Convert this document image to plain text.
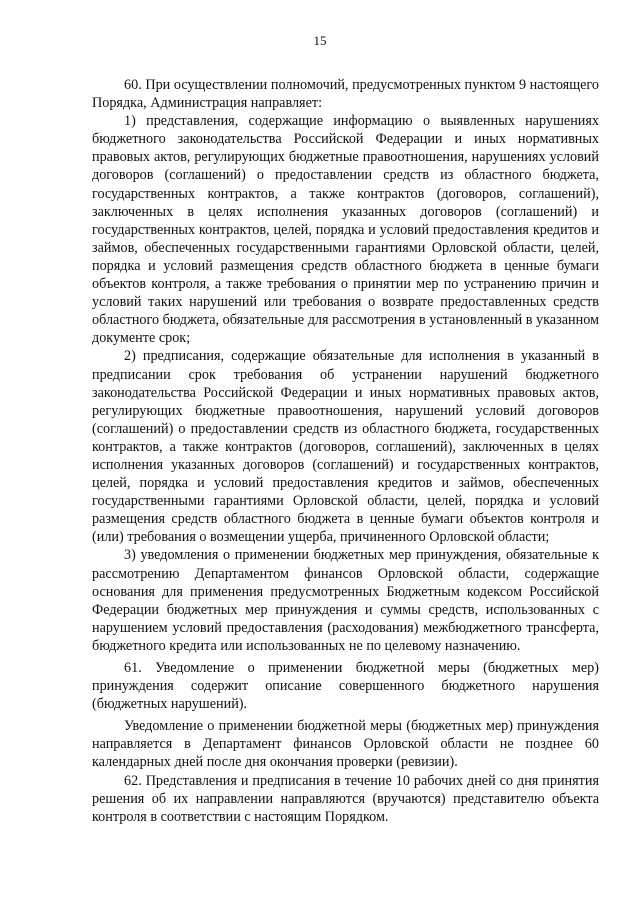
15

60. При осуществлении полномочий, предусмотренных пунктом 9 настоящего Порядка, Администрация направляет:

1) представления, содержащие информацию о выявленных нарушениях бюджетного законодательства Российской Федерации и иных нормативных правовых актов, регулирующих бюджетные правоотношения, нарушениях условий договоров (соглашений) о предоставлении средств из областного бюджета, государственных контрактов, а также контрактов (договоров, соглашений), заключенных в целях исполнения указанных договоров (соглашений) и государственных контрактов, целей, порядка и условий предоставления кредитов и займов, обеспеченных государственными гарантиями Орловской области, целей, порядка и условий размещения средств областного бюджета в ценные бумаги объектов контроля, а также требования о принятии мер по устранению причин и условий таких нарушений или требования о возврате предоставленных средств областного бюджета, обязательные для рассмотрения в установленный в указанном документе срок;

2) предписания, содержащие обязательные для исполнения в указанный в предписании срок требования об устранении нарушений бюджетного законодательства Российской Федерации и иных нормативных правовых актов, регулирующих бюджетные правоотношения, нарушений условий договоров (соглашений) о предоставлении средств из областного бюджета, государственных контрактов, а также контрактов (договоров, соглашений), заключенных в целях исполнения указанных договоров (соглашений) и государственных контрактов, целей, порядка и условий предоставления кредитов и займов, обеспеченных государственными гарантиями Орловской области, целей, порядка и условий размещения средств областного бюджета в ценные бумаги объектов контроля и (или) требования о возмещении ущерба, причиненного Орловской области;

3) уведомления о применении бюджетных мер принуждения, обязательные к рассмотрению Департаментом финансов Орловской области, содержащие основания для применения предусмотренных Бюджетным кодексом Российской Федерации бюджетных мер принуждения и суммы средств, использованных с нарушением условий предоставления (расходования) межбюджетного трансферта, бюджетного кредита или использованных не по целевому назначению.

61. Уведомление о применении бюджетной меры (бюджетных мер) принуждения содержит описание совершенного бюджетного нарушения (бюджетных нарушений).

Уведомление о применении бюджетной меры (бюджетных мер) принуждения направляется в Департамент финансов Орловской области не позднее 60 календарных дней после дня окончания проверки (ревизии).

62. Представления и предписания в течение 10 рабочих дней со дня принятия решения об их направлении направляются (вручаются) представителю объекта контроля в соответствии с настоящим Порядком.
